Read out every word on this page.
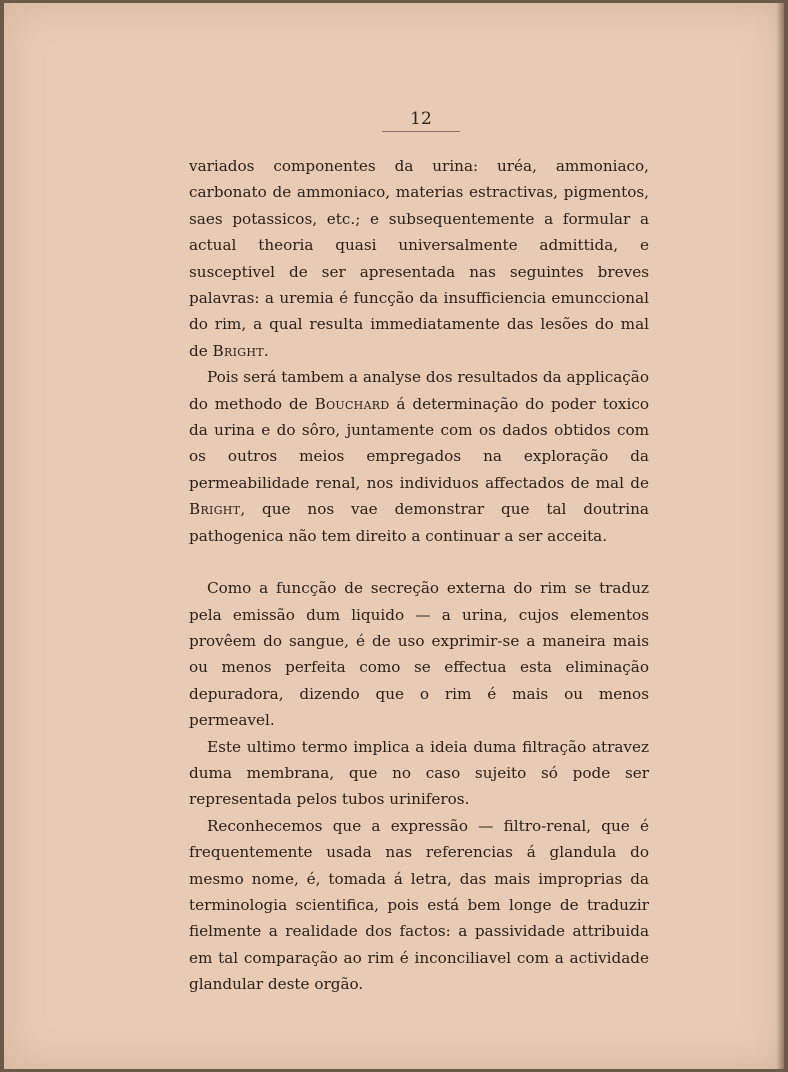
12

variados componentes da urina: uréa, ammoniaco, carbonato de ammoniaco, materias estractivas, pigmentos, saes potassicos, etc.; e subsequentemente a formular a actual theoria quasi universalmente admittida, e susceptivel de ser apresentada nas seguintes breves palavras: a uremia é funcção da insufficiencia emunccional do rim, a qual resulta immediatamente das lesões do mal de Bright.

Pois será tambem a analyse dos resultados da applicação do methodo de Bouchard á determinação do poder toxico da urina e do sôro, juntamente com os dados obtidos com os outros meios empregados na exploração da permeabilidade renal, nos individuos affectados de mal de Bright, que nos vae demonstrar que tal doutrina pathogenica não tem direito a continuar a ser acceita.

Como a funcção de secreção externa do rim se traduz pela emissão dum liquido — a urina, cujos elementos provêem do sangue, é de uso exprimir-se a maneira mais ou menos perfeita como se effectua esta eliminação depuradora, dizendo que o rim é mais ou menos permeavel.

Este ultimo termo implica a ideia duma filtração atravez duma membrana, que no caso sujeito só pode ser representada pelos tubos uriniferos.

Reconhecemos que a expressão — filtro-renal, que é frequentemente usada nas referencias á glandula do mesmo nome, é, tomada á letra, das mais improprias da terminologia scientifica, pois está bem longe de traduzir fielmente a realidade dos factos: a passividade attribuida em tal comparação ao rim é inconciliavel com a actividade glandular deste orgão.
